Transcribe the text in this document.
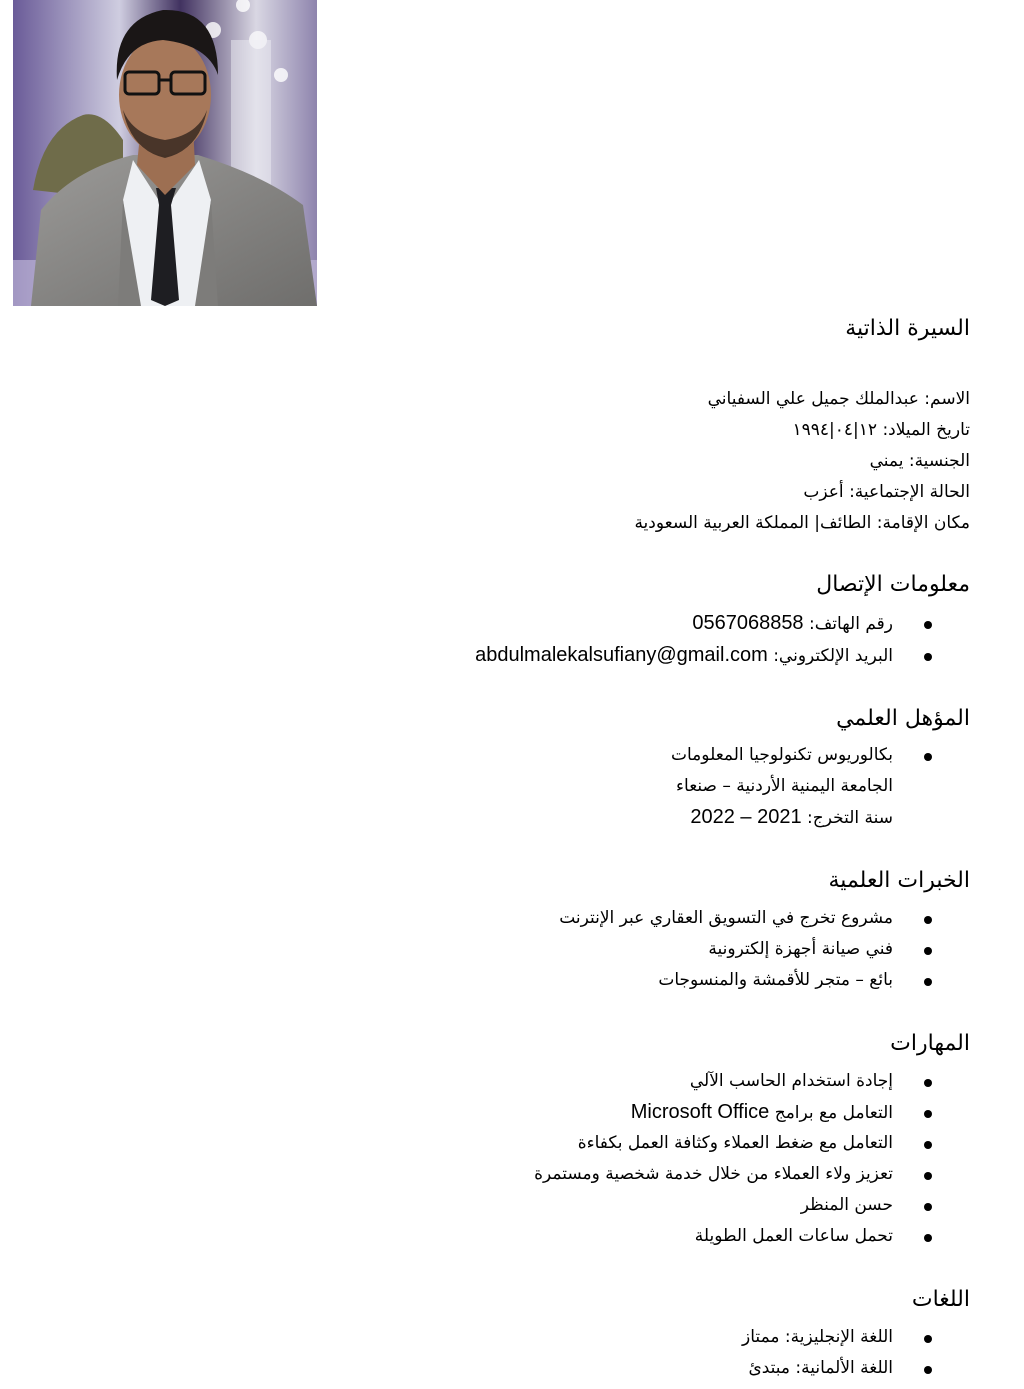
السيرة الذاتية
الاسم: عبدالملك جميل علي السفياني
تاريخ الميلاد: ١٢|٠٤|١٩٩٤
الجنسية: يمني
الحالة الإجتماعية: أعزب
مكان الإقامة: الطائف| المملكة العربية السعودية
معلومات الإتصال
رقم الهاتف: 0567068858
البريد الإلكتروني: abdulmalekalsufiany@gmail.com
المؤهل العلمي
بكالوريوس تكنولوجيا المعلومات
الجامعة اليمنية الأردنية – صنعاء
سنة التخرج: 2021 – 2022
الخبرات العلمية
مشروع تخرج في التسويق العقاري عبر الإنترنت
فني صيانة أجهزة إلكترونية
بائع – متجر للأقمشة والمنسوجات
المهارات
إجادة استخدام الحاسب الآلي
التعامل مع برامج Microsoft Office
التعامل مع ضغط العملاء وكثافة العمل بكفاءة
تعزيز ولاء العملاء من خلال خدمة شخصية ومستمرة
حسن المنظر
تحمل ساعات العمل الطويلة
اللغات
اللغة الإنجليزية: ممتاز
اللغة الألمانية: مبتدئ
